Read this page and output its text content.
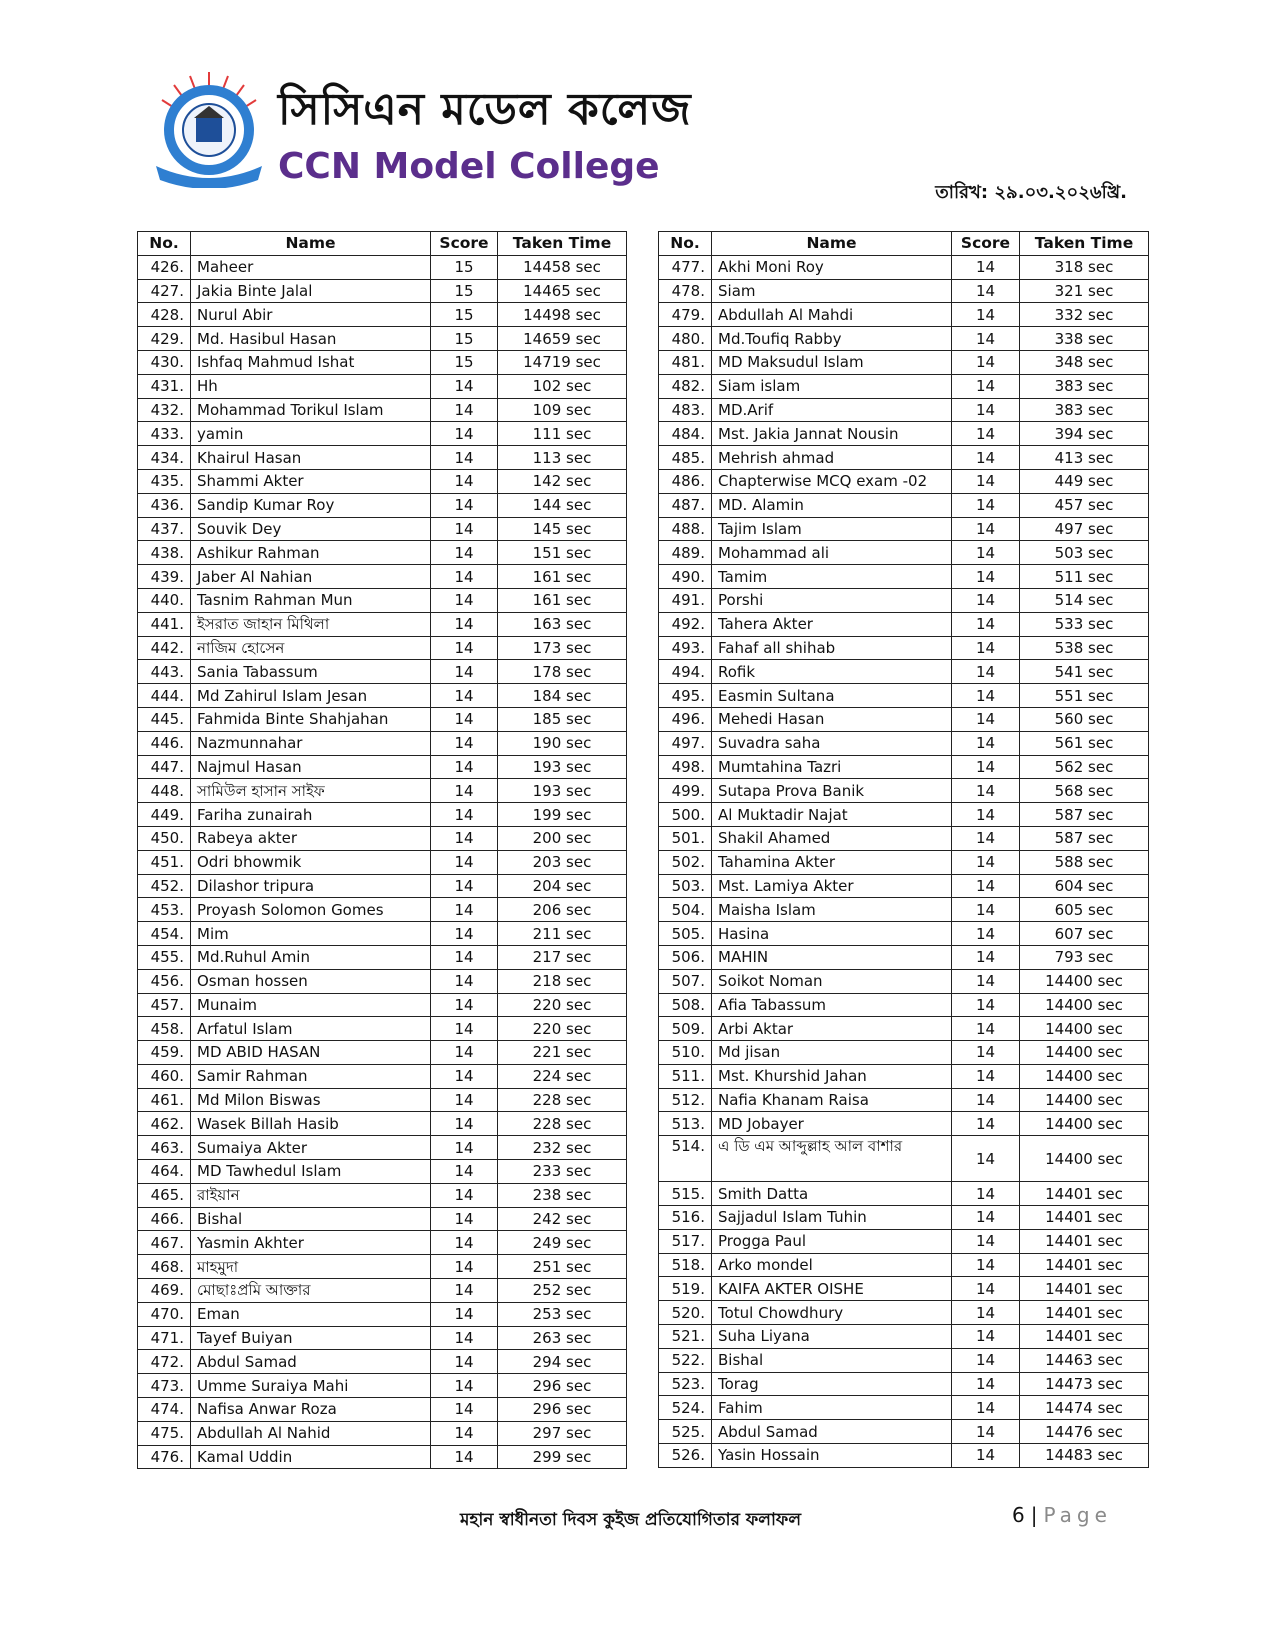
সিসিএন মডেল কলেজ
CCN Model College
তারিখ: ২৯.০৩.২০২৬খ্রি.
No.	Name	Score	Taken Time
426.	Maheer	15	14458 sec
427.	Jakia Binte Jalal	15	14465 sec
428.	Nurul Abir	15	14498 sec
429.	Md. Hasibul Hasan	15	14659 sec
430.	Ishfaq Mahmud Ishat	15	14719 sec
431.	Hh	14	102 sec
432.	Mohammad Torikul Islam	14	109 sec
433.	yamin	14	111 sec
434.	Khairul Hasan	14	113 sec
435.	Shammi Akter	14	142 sec
436.	Sandip Kumar Roy	14	144 sec
437.	Souvik Dey	14	145 sec
438.	Ashikur Rahman	14	151 sec
439.	Jaber Al Nahian	14	161 sec
440.	Tasnim Rahman Mun	14	161 sec
441.	ইসরাত জাহান মিথিলা	14	163 sec
442.	নাজিম হোসেন	14	173 sec
443.	Sania Tabassum	14	178 sec
444.	Md Zahirul Islam Jesan	14	184 sec
445.	Fahmida Binte Shahjahan	14	185 sec
446.	Nazmunnahar	14	190 sec
447.	Najmul Hasan	14	193 sec
448.	সামিউল হাসান সাইফ	14	193 sec
449.	Fariha zunairah	14	199 sec
450.	Rabeya akter	14	200 sec
451.	Odri bhowmik	14	203 sec
452.	Dilashor tripura	14	204 sec
453.	Proyash Solomon Gomes	14	206 sec
454.	Mim	14	211 sec
455.	Md.Ruhul Amin	14	217 sec
456.	Osman hossen	14	218 sec
457.	Munaim	14	220 sec
458.	Arfatul Islam	14	220 sec
459.	MD ABID HASAN	14	221 sec
460.	Samir Rahman	14	224 sec
461.	Md Milon Biswas	14	228 sec
462.	Wasek Billah Hasib	14	228 sec
463.	Sumaiya Akter	14	232 sec
464.	MD Tawhedul Islam	14	233 sec
465.	রাইয়ান	14	238 sec
466.	Bishal	14	242 sec
467.	Yasmin Akhter	14	249 sec
468.	মাহমুদা	14	251 sec
469.	মোছাঃপ্রমি আক্তার	14	252 sec
470.	Eman	14	253 sec
471.	Tayef Buiyan	14	263 sec
472.	Abdul Samad	14	294 sec
473.	Umme Suraiya Mahi	14	296 sec
474.	Nafisa Anwar Roza	14	296 sec
475.	Abdullah Al Nahid	14	297 sec
476.	Kamal Uddin	14	299 sec
No.	Name	Score	Taken Time
477.	Akhi Moni Roy	14	318 sec
478.	Siam	14	321 sec
479.	Abdullah Al Mahdi	14	332 sec
480.	Md.Toufiq Rabby	14	338 sec
481.	MD Maksudul Islam	14	348 sec
482.	Siam islam	14	383 sec
483.	MD.Arif	14	383 sec
484.	Mst. Jakia Jannat Nousin	14	394 sec
485.	Mehrish ahmad	14	413 sec
486.	Chapterwise MCQ exam -02	14	449 sec
487.	MD. Alamin	14	457 sec
488.	Tajim Islam	14	497 sec
489.	Mohammad ali	14	503 sec
490.	Tamim	14	511 sec
491.	Porshi	14	514 sec
492.	Tahera Akter	14	533 sec
493.	Fahaf all shihab	14	538 sec
494.	Rofik	14	541 sec
495.	Easmin Sultana	14	551 sec
496.	Mehedi Hasan	14	560 sec
497.	Suvadra saha	14	561 sec
498.	Mumtahina Tazri	14	562 sec
499.	Sutapa Prova Banik	14	568 sec
500.	Al Muktadir Najat	14	587 sec
501.	Shakil Ahamed	14	587 sec
502.	Tahamina Akter	14	588 sec
503.	Mst. Lamiya Akter	14	604 sec
504.	Maisha Islam	14	605 sec
505.	Hasina	14	607 sec
506.	MAHIN	14	793 sec
507.	Soikot Noman	14	14400 sec
508.	Afia Tabassum	14	14400 sec
509.	Arbi Aktar	14	14400 sec
510.	Md jisan	14	14400 sec
511.	Mst. Khurshid Jahan	14	14400 sec
512.	Nafia Khanam Raisa	14	14400 sec
513.	MD Jobayer	14	14400 sec
514.	এ ডি এম আব্দুল্লাহ আল বাশার	14	14400 sec
515.	Smith Datta	14	14401 sec
516.	Sajjadul Islam Tuhin	14	14401 sec
517.	Progga Paul	14	14401 sec
518.	Arko mondel	14	14401 sec
519.	KAIFA AKTER OISHE	14	14401 sec
520.	Totul Chowdhury	14	14401 sec
521.	Suha Liyana	14	14401 sec
522.	Bishal	14	14463 sec
523.	Torag	14	14473 sec
524.	Fahim	14	14474 sec
525.	Abdul Samad	14	14476 sec
526.	Yasin Hossain	14	14483 sec
মহান স্বাধীনতা দিবস কুইজ প্রতিযোগিতার ফলাফল	6 | Page
